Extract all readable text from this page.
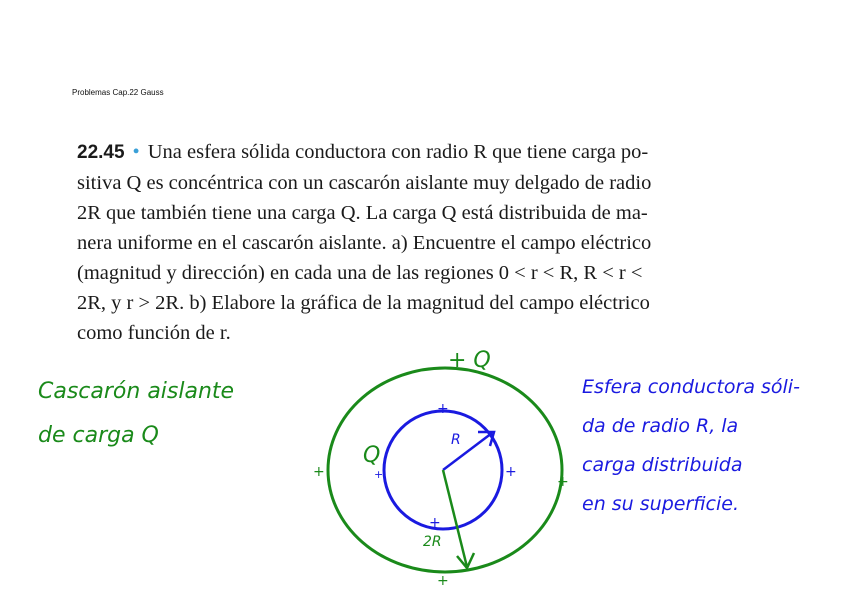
Problemas Cap.22 Gauss
22.45 • Una esfera sólida conductora con radio R que tiene carga po-
sitiva Q es concéntrica con un cascarón aislante muy delgado de radio
2R que también tiene una carga Q. La carga Q está distribuida de ma-
nera uniforme en el cascarón aislante. a) Encuentre el campo eléctrico
(magnitud y dirección) en cada una de las regiones 0 < r < R, R < r <
2R, y r > 2R. b) Elabore la gráfica de la magnitud del campo eléctrico
como función de r.
Cascarón aislante
de carga Q
Esfera conductora sóli-
da de radio R, la
carga distribuida
en su superficie.
+ Q
Q
R
2R
+
+
+
+
+
+
+
